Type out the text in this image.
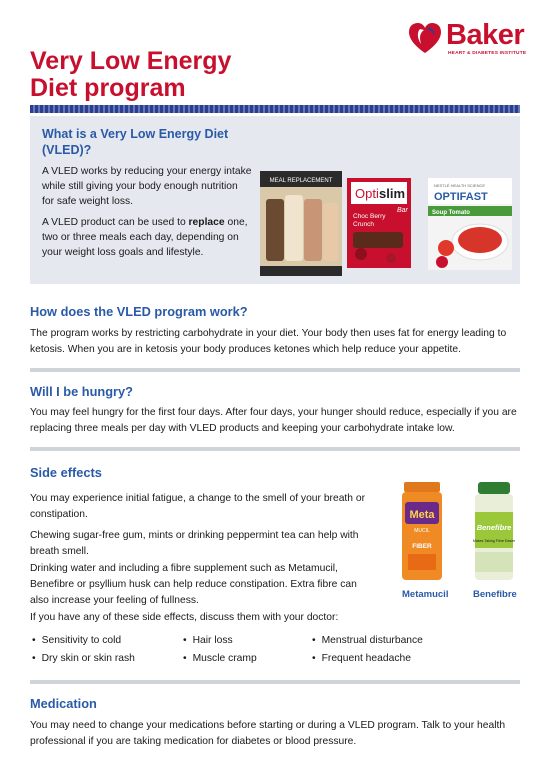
Baker
HEART & DIABETES INSTITUTE
Very Low Energy
Diet program
What is a Very Low Energy Diet (VLED)?

A VLED works by reducing your energy intake while still giving your body enough nutrition for safe weight loss.

A VLED product can be used to replace one, two or three meals each day, depending on your weight loss goals and lifestyle.

MEAL REPLACEMENT
Opti slim
Bar
Choc Berry
Crunch
NESTLÉ HEALTH SCIENCE
OPTIFAST
Soup Tomato
How does the VLED program work?
The program works by restricting carbohydrate in your diet. Your body then uses fat for energy leading to ketosis. When you are in ketosis your body produces ketones which help reduce your appetite.
Will I be hungry?
You may feel hungry for the first four days. After four days, your hunger should reduce, especially if you are replacing three meals per day with VLED products and keeping your carbohydrate intake low.
Side effects
You may experience initial fatigue, a change to the smell of your breath or constipation.
Chewing sugar-free gum, mints or drinking peppermint tea can help with breath smell.
Drinking water and including a fibre supplement such as Metamucil, Benefibre or psyllium husk can help reduce constipation. Extra fibre can also increase your feeling of fullness.
If you have any of these side effects, discuss them with your doctor:
Meta
MUCIL
FIBER
Benefibre
Makes Taking Fibre Easier
Metamucil	Benefibre
• Sensitivity to cold
• Dry skin or skin rash
• Hair loss
• Muscle cramp
• Menstrual disturbance
• Frequent headache
Medication
You may need to change your medications before starting or during a VLED program. Talk to your health professional if you are taking medication for diabetes or blood pressure.
